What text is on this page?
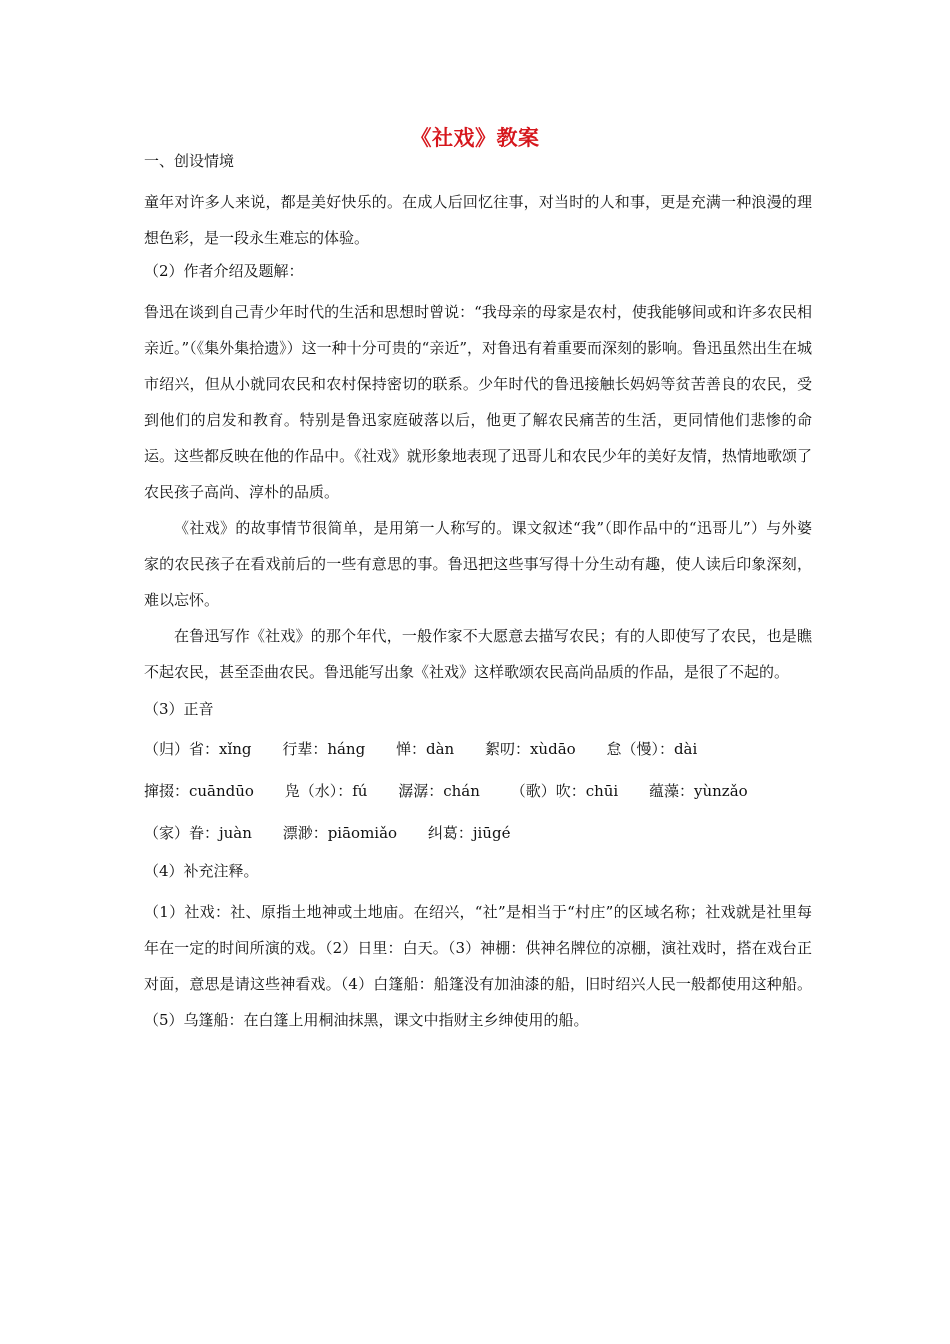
《社戏》教案
一、创设情境

童年对许多人来说，都是美好快乐的。在成人后回忆往事，对当时的人和事，更是充满一种浪漫的理想色彩，是一段永生难忘的体验。

（2）作者介绍及题解：

鲁迅在谈到自己青少年时代的生活和思想时曾说：“我母亲的母家是农村，使我能够间或和许多农民相亲近。”（《集外集拾遗》）这一种十分可贵的“亲近”，对鲁迅有着重要而深刻的影响。鲁迅虽然出生在城市绍兴，但从小就同农民和农村保持密切的联系。少年时代的鲁迅接触长妈妈等贫苦善良的农民，受到他们的启发和教育。特别是鲁迅家庭破落以后，他更了解农民痛苦的生活，更同情他们悲惨的命运。这些都反映在他的作品中。《社戏》就形象地表现了迅哥儿和农民少年的美好友情，热情地歌颂了农民孩子高尚、淳朴的品质。

《社戏》的故事情节很简单，是用第一人称写的。课文叙述“我”（即作品中的“迅哥儿”）与外婆家的农民孩子在看戏前后的一些有意思的事。鲁迅把这些事写得十分生动有趣，使人读后印象深刻，难以忘怀。

在鲁迅写作《社戏》的那个年代，一般作家不大愿意去描写农民；有的人即使写了农民，也是瞧不起农民，甚至歪曲农民。鲁迅能写出象《社戏》这样歌颂农民高尚品质的作品，是很了不起的。

（3）正音
（归）省：xǐng 行辈：háng 惮：dàn 絮叨：xùdāo 怠（慢）：dài 撺掇：cuāndūo 凫（水）：fú 潺潺：chán （歌）吹：chūi 蕴藻：yùnzǎo （家）眷：juàn 漂渺：piāomiǎo 纠葛：jiūgé
（4）补充注释。

（1）社戏：社、原指土地神或土地庙。在绍兴，“社”是相当于“村庄”的区域名称；社戏就是社里每年在一定的时间所演的戏。（2）日里：白天。（3）神棚：供神名牌位的凉棚，演社戏时，搭在戏台正对面，意思是请这些神看戏。（4）白篷船：船篷没有加油漆的船，旧时绍兴人民一般都使用这种船。（5）乌篷船：在白篷上用桐油抹黑，课文中指财主乡绅使用的船。
